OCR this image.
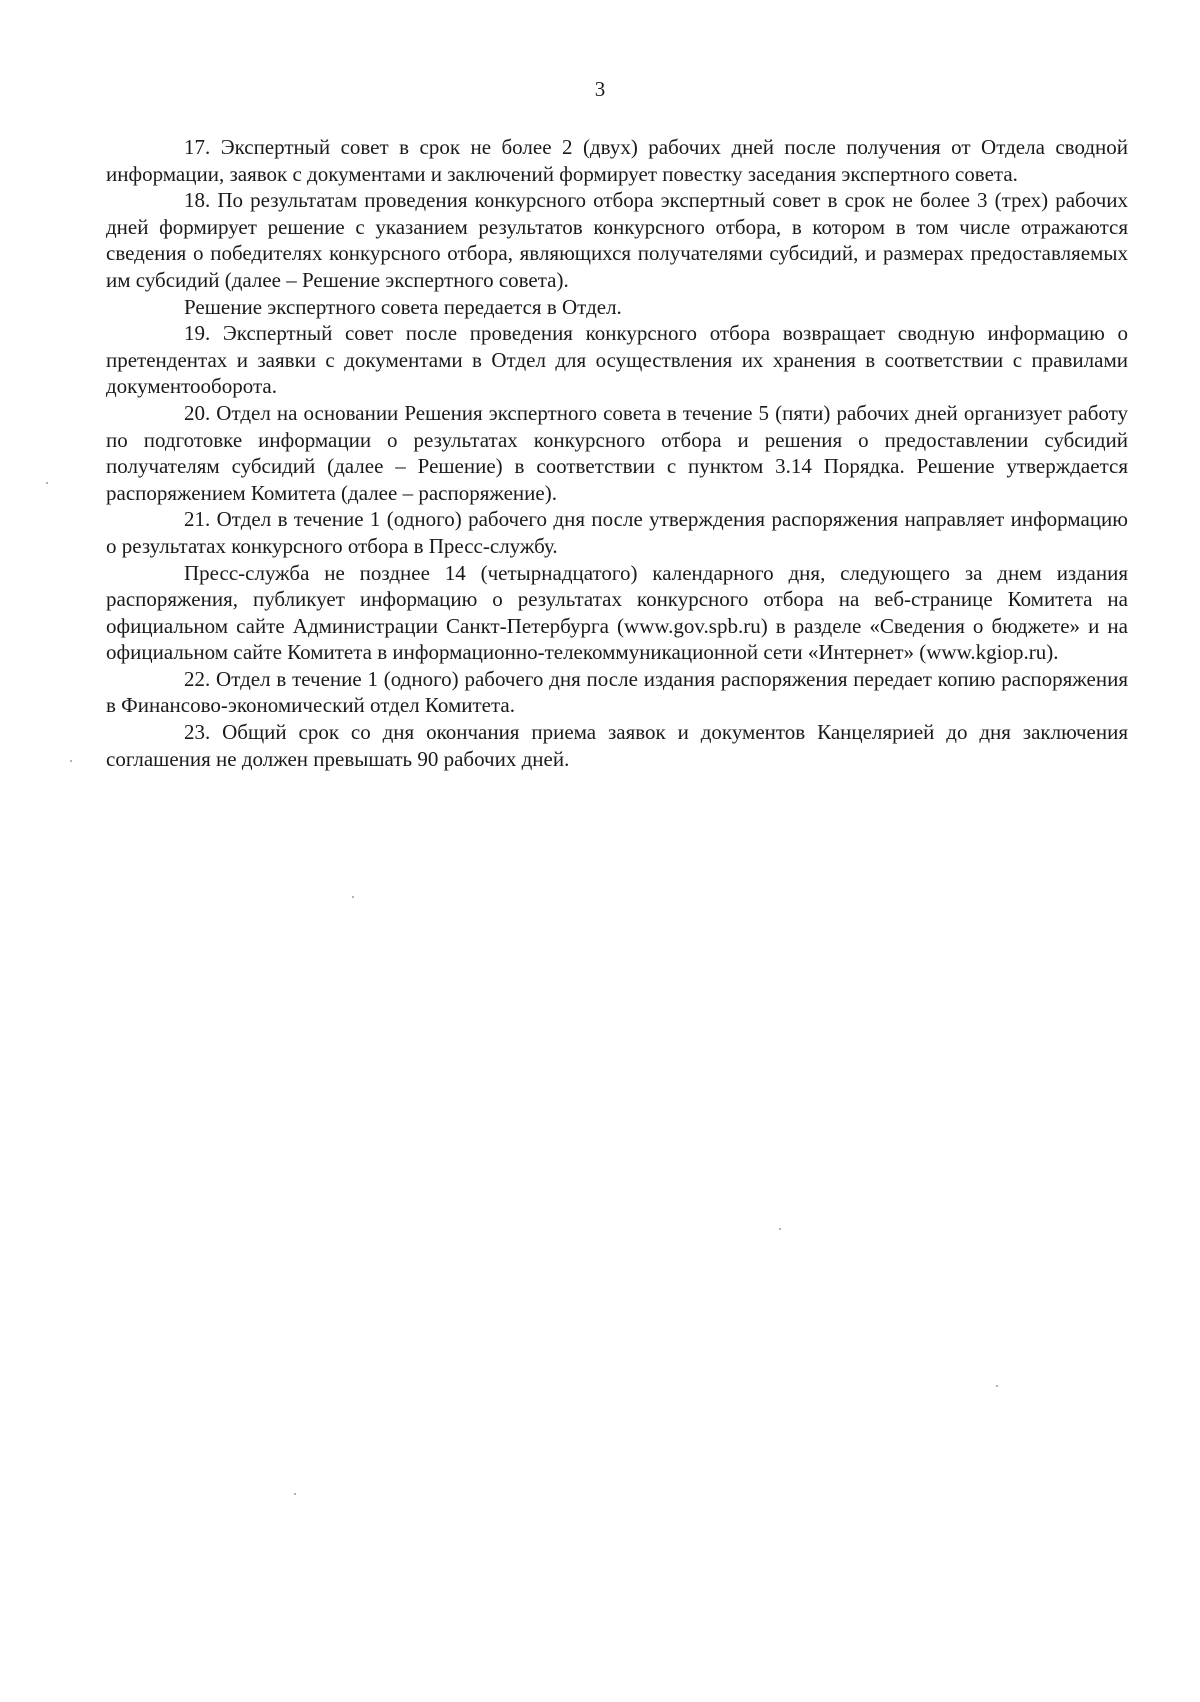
3

17. Экспертный совет в срок не более 2 (двух) рабочих дней после получения от Отдела сводной информации, заявок с документами и заключений формирует повестку заседания экспертного совета.

18. По результатам проведения конкурсного отбора экспертный совет в срок не более 3 (трех) рабочих дней формирует решение с указанием результатов конкурсного отбора, в котором в том числе отражаются сведения о победителях конкурсного отбора, являющихся получателями субсидий, и размерах предоставляемых им субсидий (далее – Решение экспертного совета).

Решение экспертного совета передается в Отдел.

19. Экспертный совет после проведения конкурсного отбора возвращает сводную информацию о претендентах и заявки с документами в Отдел для осуществления их хранения в соответствии с правилами документооборота.

20. Отдел на основании Решения экспертного совета в течение 5 (пяти) рабочих дней организует работу по подготовке информации о результатах конкурсного отбора и решения о предоставлении субсидий получателям субсидий (далее – Решение) в соответствии с пунктом 3.14 Порядка. Решение утверждается распоряжением Комитета (далее – распоряжение).

21. Отдел в течение 1 (одного) рабочего дня после утверждения распоряжения направляет информацию о результатах конкурсного отбора в Пресс-службу.

Пресс-служба не позднее 14 (четырнадцатого) календарного дня, следующего за днем издания распоряжения, публикует информацию о результатах конкурсного отбора на веб-странице Комитета на официальном сайте Администрации Санкт-Петербурга (www.gov.spb.ru) в разделе «Сведения о бюджете» и на официальном сайте Комитета в информационно-телекоммуникационной сети «Интернет» (www.kgiop.ru).

22. Отдел в течение 1 (одного) рабочего дня после издания распоряжения передает копию распоряжения в Финансово-экономический отдел Комитета.

23. Общий срок со дня окончания приема заявок и документов Канцелярией до дня заключения соглашения не должен превышать 90 рабочих дней.
